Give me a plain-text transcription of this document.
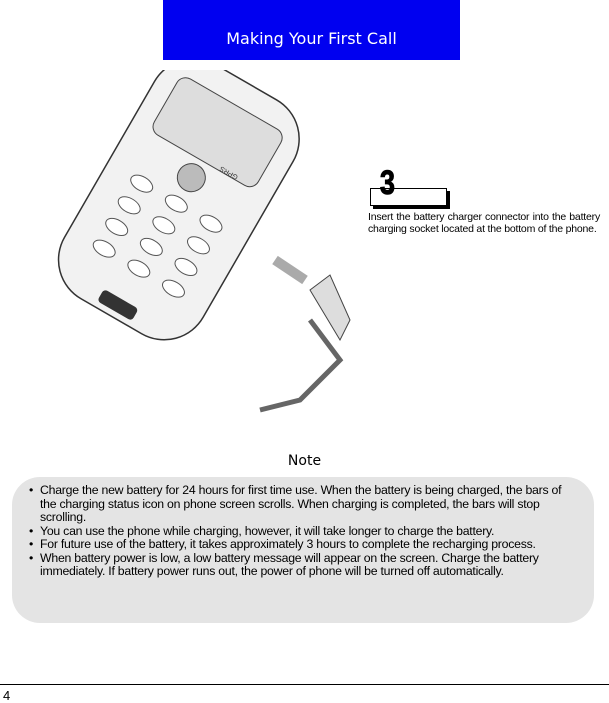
Making Your First Call
GPRS	3
Insert the battery charger connector into the battery charging socket located at the bottom of the phone.
Note
• Charge the new battery for 24 hours for first time use. When the battery is being charged, the bars of the charging status icon on phone screen scrolls. When charging is completed, the bars will stop scrolling.
• You can use the phone while charging, however, it will take longer to charge the battery.
• For future use of the battery, it takes approximately 3 hours to complete the recharging process.
• When battery power is low, a low battery message will appear on the screen. Charge the battery immediately. If battery power runs out, the power of phone will be turned off automatically.
4
